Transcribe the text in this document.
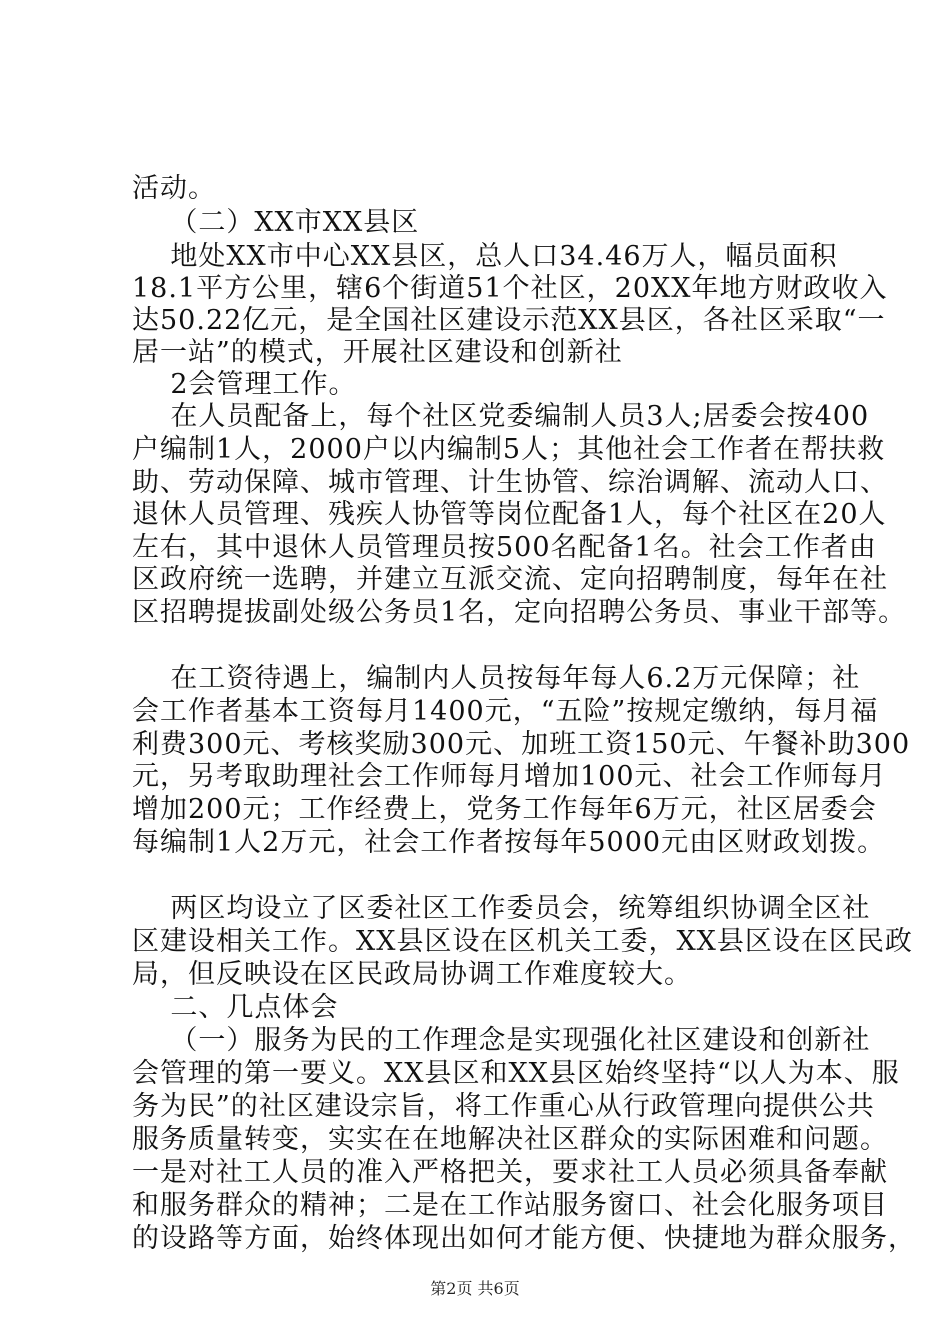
活动。
（二）XX市XX县区
地处XX市中心XX县区，总人口34.46万人，幅员面积
18.1平方公里，辖6个街道51个社区，20XX年地方财政收入
达50.22亿元，是全国社区建设示范XX县区，各社区采取“一
居一站”的模式，开展社区建设和创新社
2会管理工作。
在人员配备上，每个社区党委编制人员3人;居委会按400
户编制1人，2000户以内编制5人；其他社会工作者在帮扶救
助、劳动保障、城市管理、计生协管、综治调解、流动人口、
退休人员管理、残疾人协管等岗位配备1人，每个社区在20人
左右，其中退休人员管理员按500名配备1名。社会工作者由
区政府统一选聘，并建立互派交流、定向招聘制度，每年在社
区招聘提拔副处级公务员1名，定向招聘公务员、事业干部等。
在工资待遇上，编制内人员按每年每人6.2万元保障；社
会工作者基本工资每月1400元，“五险”按规定缴纳，每月福
利费300元、考核奖励300元、加班工资150元、午餐补助300
元，另考取助理社会工作师每月增加100元、社会工作师每月
增加200元；工作经费上，党务工作每年6万元，社区居委会
每编制1人2万元，社会工作者按每年5000元由区财政划拨。
两区均设立了区委社区工作委员会，统筹组织协调全区社
区建设相关工作。XX县区设在区机关工委，XX县区设在区民政
局，但反映设在区民政局协调工作难度较大。
二、几点体会
（一）服务为民的工作理念是实现强化社区建设和创新社
会管理的第一要义。XX县区和XX县区始终坚持“以人为本、服
务为民”的社区建设宗旨，将工作重心从行政管理向提供公共
服务质量转变，实实在在地解决社区群众的实际困难和问题。
一是对社工人员的准入严格把关，要求社工人员必须具备奉献
和服务群众的精神；二是在工作站服务窗口、社会化服务项目
的设路等方面，始终体现出如何才能方便、快捷地为群众服务，
第2页 共6页
